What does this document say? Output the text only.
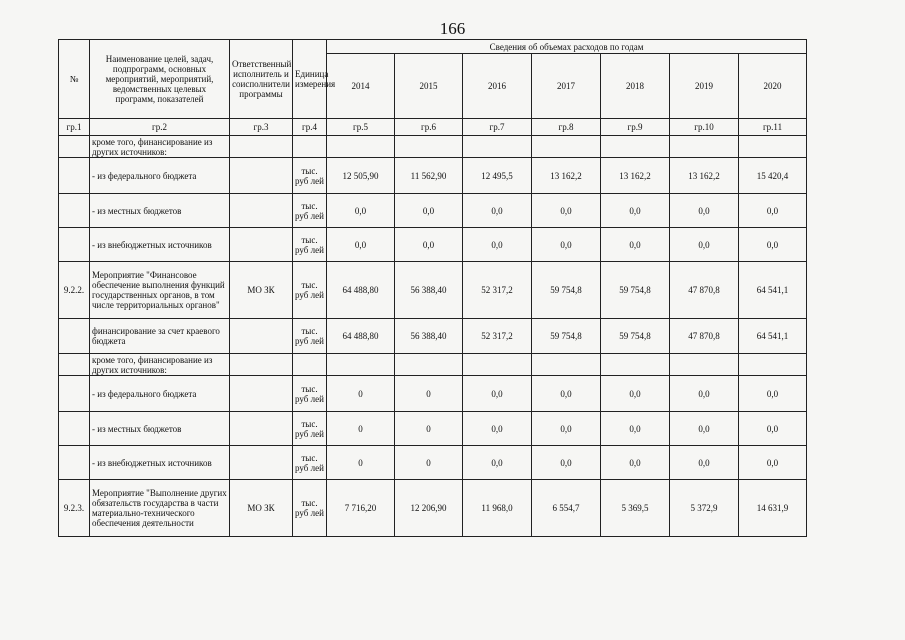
166
№	Наименование целей, задач, подпрограмм, основных мероприятий, мероприятий, ведомственных целевых программ, показателей	Ответственный исполнитель и соисполнители программы	Единица измерения	Сведения об объемах расходов по годам						
				2014	2015	2016	2017	2018	2019	2020
гр.1	гр.2	гр.3	гр.4	гр.5	гр.6	гр.7	гр.8	гр.9	гр.10	гр.11
	кроме того, финансирование из других источников:									
	- из федерального бюджета		тыс. руб лей	12 505,90	11 562,90	12 495,5	13 162,2	13 162,2	13 162,2	15 420,4
	- из местных бюджетов		тыс. руб лей	0,0	0,0	0,0	0,0	0,0	0,0	0,0
	- из внебюджетных источников		тыс. руб лей	0,0	0,0	0,0	0,0	0,0	0,0	0,0
9.2.2.	Мероприятие "Финансовое обеспечение выполнения функций государственных органов, в том числе территориальных органов"	МО ЗК	тыс. руб лей	64 488,80	56 388,40	52 317,2	59 754,8	59 754,8	47 870,8	64 541,1
	финансирование за счет краевого бюджета		тыс. руб лей	64 488,80	56 388,40	52 317,2	59 754,8	59 754,8	47 870,8	64 541,1
	кроме того, финансирование из других источников:									
	- из федерального бюджета		тыс. руб лей	0	0	0,0	0,0	0,0	0,0	0,0
	- из местных бюджетов		тыс. руб лей	0	0	0,0	0,0	0,0	0,0	0,0
	- из внебюджетных источников		тыс. руб лей	0	0	0,0	0,0	0,0	0,0	0,0
9.2.3.	Мероприятие "Выполнение других обязательств государства в части материально-технического обеспечения деятельности	МО ЗК	тыс. руб лей	7 716,20	12 206,90	11 968,0	6 554,7	5 369,5	5 372,9	14 631,9
